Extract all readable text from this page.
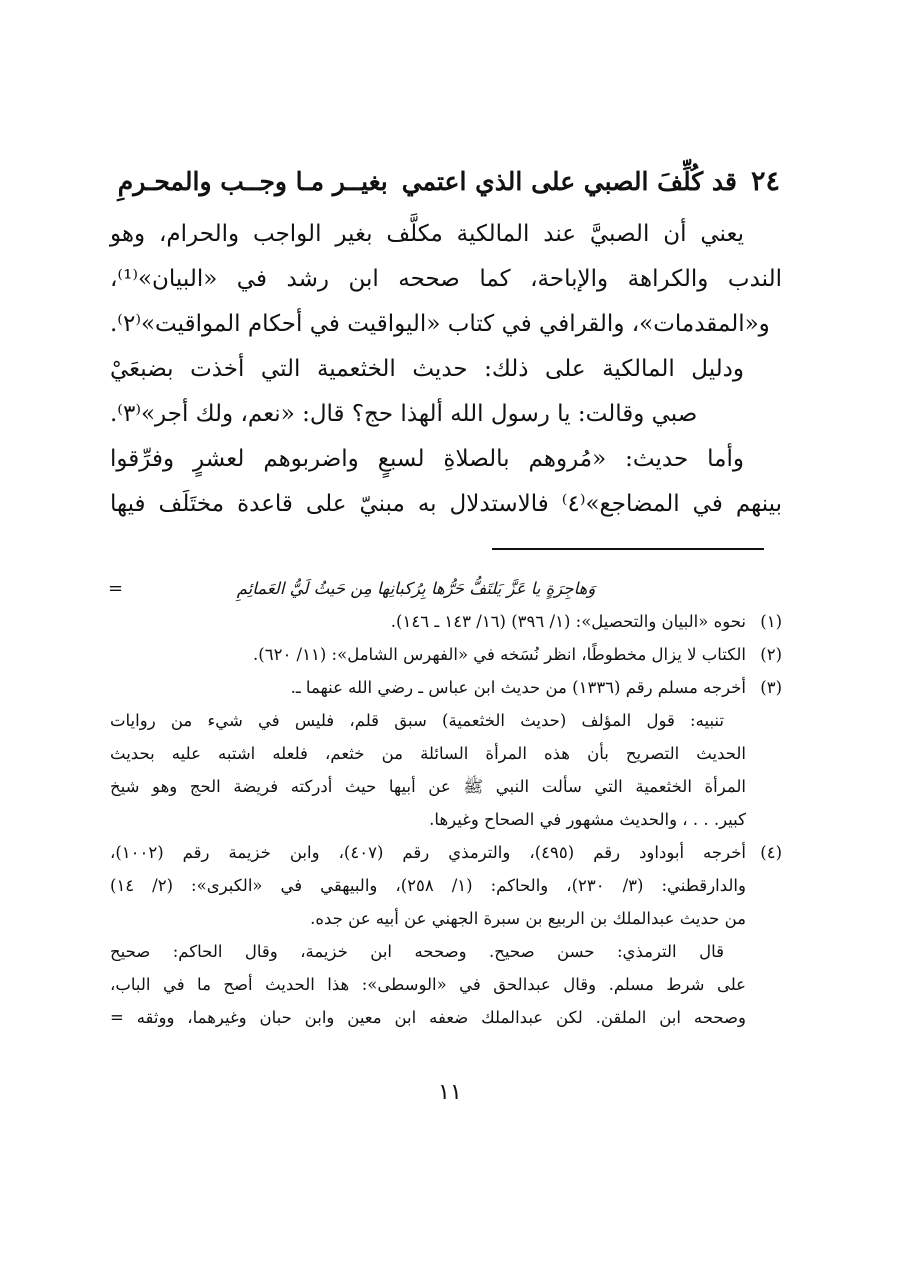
٢٤
قد كُلِّفَ الصبي على الذي اعتمي
بغيــر مـا وجــب والمحـرمِ
يعني أن الصبيَّ عند المالكية مكلَّف بغير الواجب والحرام، وهو
الندب والكراهة والإباحة، كما صححه ابن رشد في «البيان»⁽¹⁾،
و«المقدمات»، والقرافي في كتاب «اليواقيت في أحكام المواقيت»⁽٢⁾.
ودليل المالكية على ذلك: حديث الخثعمية التي أخذت بضبعَيْ
صبي وقالت: يا رسول الله ألهذا حج؟ قال: «نعم، ولك أجر»⁽٣⁾.
وأما حديث: «مُروهم بالصلاةِ لسبعٍ واضربوهم لعشرٍ وفرِّقوا
بينهم في المضاجع»⁽٤⁾ فالاستدلال به مبنيّ على قاعدة مختَلَف فيها
=	وَهاجِرَةٍ يا عَزَّ يَلتَفُّ حَرُّها بِرُكبانِها مِن حَيثُ لَيُّ العَمائِمِ
(١)
نحوه «البيان والتحصيل»: (١/ ٣٩٦) (١٦/ ١٤٣ ـ ١٤٦).
(٢)
الكتاب لا يزال مخطوطًا، انظر نُسَخه في «الفهرس الشامل»: (١١/ ٦٢٠).
(٣)
أخرجه مسلم رقم (١٣٣٦) من حديث ابن عباس ـ رضي الله عنهما ـ.
تنبيه: قول المؤلف (حديث الخثعمية) سبق قلم، فليس في شيء من روايات
الحديث التصريح بأن هذه المرأة السائلة من خثعم، فلعله اشتبه عليه بحديث
المرأة الخثعمية التي سألت النبي ﷺ عن أبيها حيث أدركته فريضة الحج وهو شيخ
كبير. . . ، والحديث مشهور في الصحاح وغيرها.
(٤)
أخرجه أبوداود رقم (٤٩٥)، والترمذي رقم (٤٠٧)، وابن خزيمة رقم (١٠٠٢)،
والدارقطني: (٣/ ٢٣٠)، والحاكم: (١/ ٢٥٨)، والبيهقي في «الكبرى»: (٢/ ١٤)
من حديث عبدالملك بن الربيع بن سبرة الجهني عن أبيه عن جده.
قال الترمذي: حسن صحيح. وصححه ابن خزيمة، وقال الحاكم: صحيح
على شرط مسلم. وقال عبدالحق في «الوسطى»: هذا الحديث أصح ما في الباب،
وصححه ابن الملقن. لكن عبدالملك ضعفه ابن معين وابن حبان وغيرهما، ووثقه =
١١
